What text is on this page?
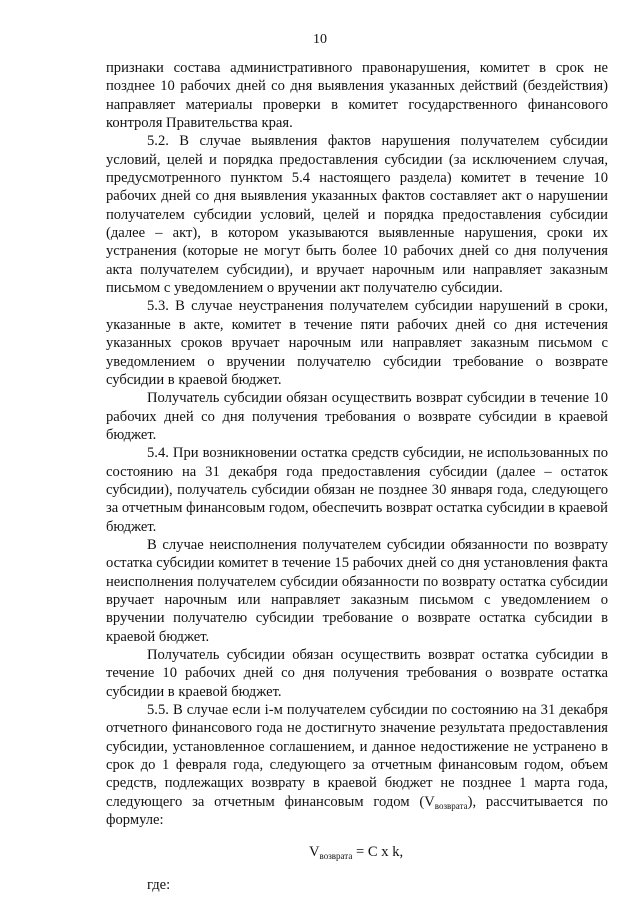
10

признаки состава административного правонарушения, комитет в срок не позднее 10 рабочих дней со дня выявления указанных действий (бездействия) направляет материалы проверки в комитет государственного финансового контроля Правительства края.

5.2. В случае выявления фактов нарушения получателем субсидии условий, целей и порядка предоставления субсидии (за исключением случая, предусмотренного пунктом 5.4 настоящего раздела) комитет в течение 10 рабочих дней со дня выявления указанных фактов составляет акт о нарушении получателем субсидии условий, целей и порядка предоставления субсидии (далее – акт), в котором указываются выявленные нарушения, сроки их устранения (которые не могут быть более 10 рабочих дней со дня получения акта получателем субсидии), и вручает нарочным или направляет заказным письмом с уведомлением о вручении акт получателю субсидии.

5.3. В случае неустранения получателем субсидии нарушений в сроки, указанные в акте, комитет в течение пяти рабочих дней со дня истечения указанных сроков вручает нарочным или направляет заказным письмом с уведомлением о вручении получателю субсидии требование о возврате субсидии в краевой бюджет.

Получатель субсидии обязан осуществить возврат субсидии в течение 10 рабочих дней со дня получения требования о возврате субсидии в краевой бюджет.

5.4. При возникновении остатка средств субсидии, не использованных по состоянию на 31 декабря года предоставления субсидии (далее – остаток субсидии), получатель субсидии обязан не позднее 30 января года, следующего за отчетным финансовым годом, обеспечить возврат остатка субсидии в краевой бюджет.

В случае неисполнения получателем субсидии обязанности по возврату остатка субсидии комитет в течение 15 рабочих дней со дня установления факта неисполнения получателем субсидии обязанности по возврату остатка субсидии вручает нарочным или направляет заказным письмом с уведомлением о вручении получателю субсидии требование о возврате остатка субсидии в краевой бюджет.

Получатель субсидии обязан осуществить возврат остатка субсидии в течение 10 рабочих дней со дня получения требования о возврате остатка субсидии в краевой бюджет.

5.5. В случае если i-м получателем субсидии по состоянию на 31 декабря отчетного финансового года не достигнуто значение результата предоставления субсидии, установленное соглашением, и данное недостижение не устранено в срок до 1 февраля года, следующего за отчетным финансовым годом, объем средств, подлежащих возврату в краевой бюджет не позднее 1 марта года, следующего за отчетным финансовым годом $(V_{возврата})$, рассчитывается по формуле:

$V_{возврата} = C$ x k,
где:
